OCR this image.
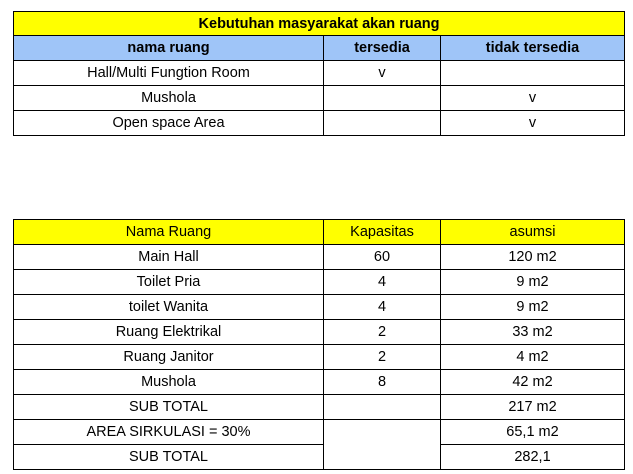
Kebutuhan masyarakat akan ruang		
nama ruang	tersedia	tidak tersedia
Hall/Multi Fungtion Room	v	
Mushola		v
Open space Area		v
Nama Ruang	Kapasitas	asumsi
Main Hall	60	120 m2
Toilet Pria	4	9 m2
toilet Wanita	4	9 m2
Ruang Elektrikal	2	33 m2
Ruang Janitor	2	4 m2
Mushola	8	42 m2
SUB TOTAL		217 m2
AREA SIRKULASI = 30%		65,1 m2
SUB TOTAL		282,1
